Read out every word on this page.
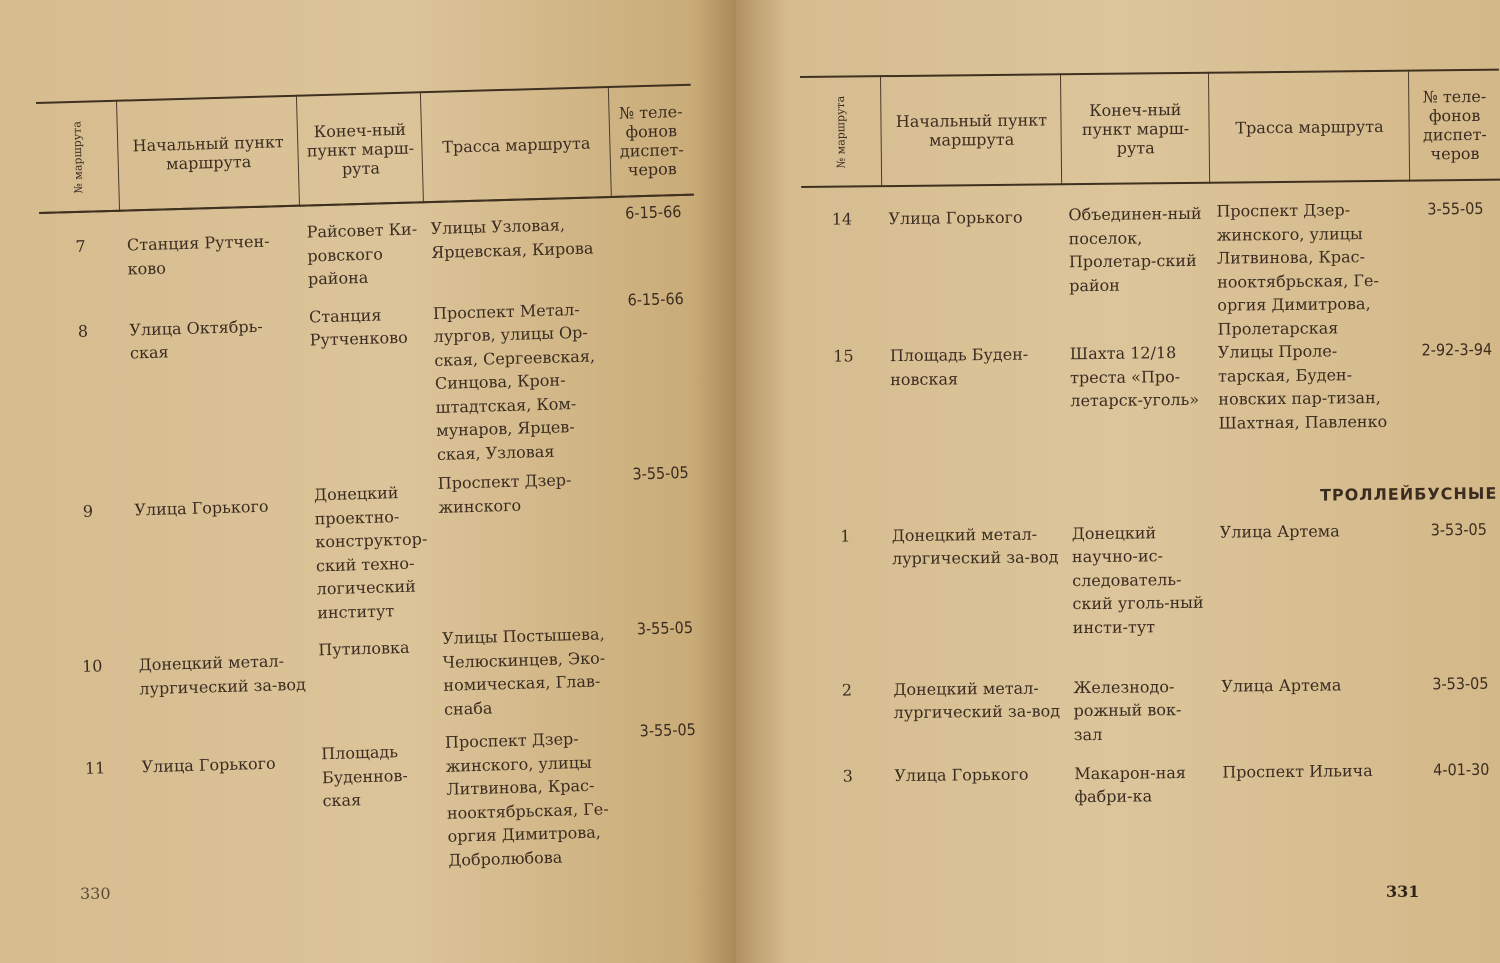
№ маршрута	Начальный пункт маршрута	Конеч-ный пункт марш-рута	Трасса маршрута	№ теле-фонов диспет-черов
7	Станция Рутчен-ково	Райсовет Ки-ровского района	Улицы Узловая, Ярцевская, Кирова	6-15-66
8	Улица Октябрь-ская	Станция Рутченково	Проспект Метал-лургов, улицы Ор-ская, Сергеевская, Синцова, Крон-штадтская, Ком-мунаров, Ярцев-ская, Узловая	6-15-66
9	Улица Горького	Донецкий проектно-конструктор-ский техно-логический институт	Проспект Дзер-жинского	3-55-05
10	Донецкий метал-лургический за-вод	Путиловка	Улицы Постышева, Челюскинцев, Эко-номическая, Глав-снаба	3-55-05
11	Улица Горького	Площадь Буденнов-ская	Проспект Дзер-жинского, улицы Литвинова, Крас-нооктябрьская, Ге-оргия Димитрова, Добролюбова	3-55-05
330
№ маршрута	Начальный пункт маршрута	Конеч-ный пункт марш-рута	Трасса маршрута	№ теле-фонов диспет-черов
14	Улица Горького	Объединен-ный поселок, Пролетар-ский район	Проспект Дзер-жинского, улицы Литвинова, Крас-нооктябрьская, Ге-оргия Димитрова, Пролетарская	3-55-05
15	Площадь Буден-новская	Шахта 12/18 треста «Про-летарск-уголь»	Улицы Проле-тарская, Буден-новских пар-тизан, Шахтная, Павленко	2-92-3-94
ТРОЛЛЕЙБУСНЫЕ				
1	Донецкий метал-лургический за-вод	Донецкий научно-ис-следователь-ский уголь-ный инсти-тут	Улица Артема	3-53-05
2	Донецкий метал-лургический за-вод	Железнодо-рожный вок-зал	Улица Артема	3-53-05
3	Улица Горького	Макарон-ная фабри-ка	Проспект Ильича	4-01-30
331
